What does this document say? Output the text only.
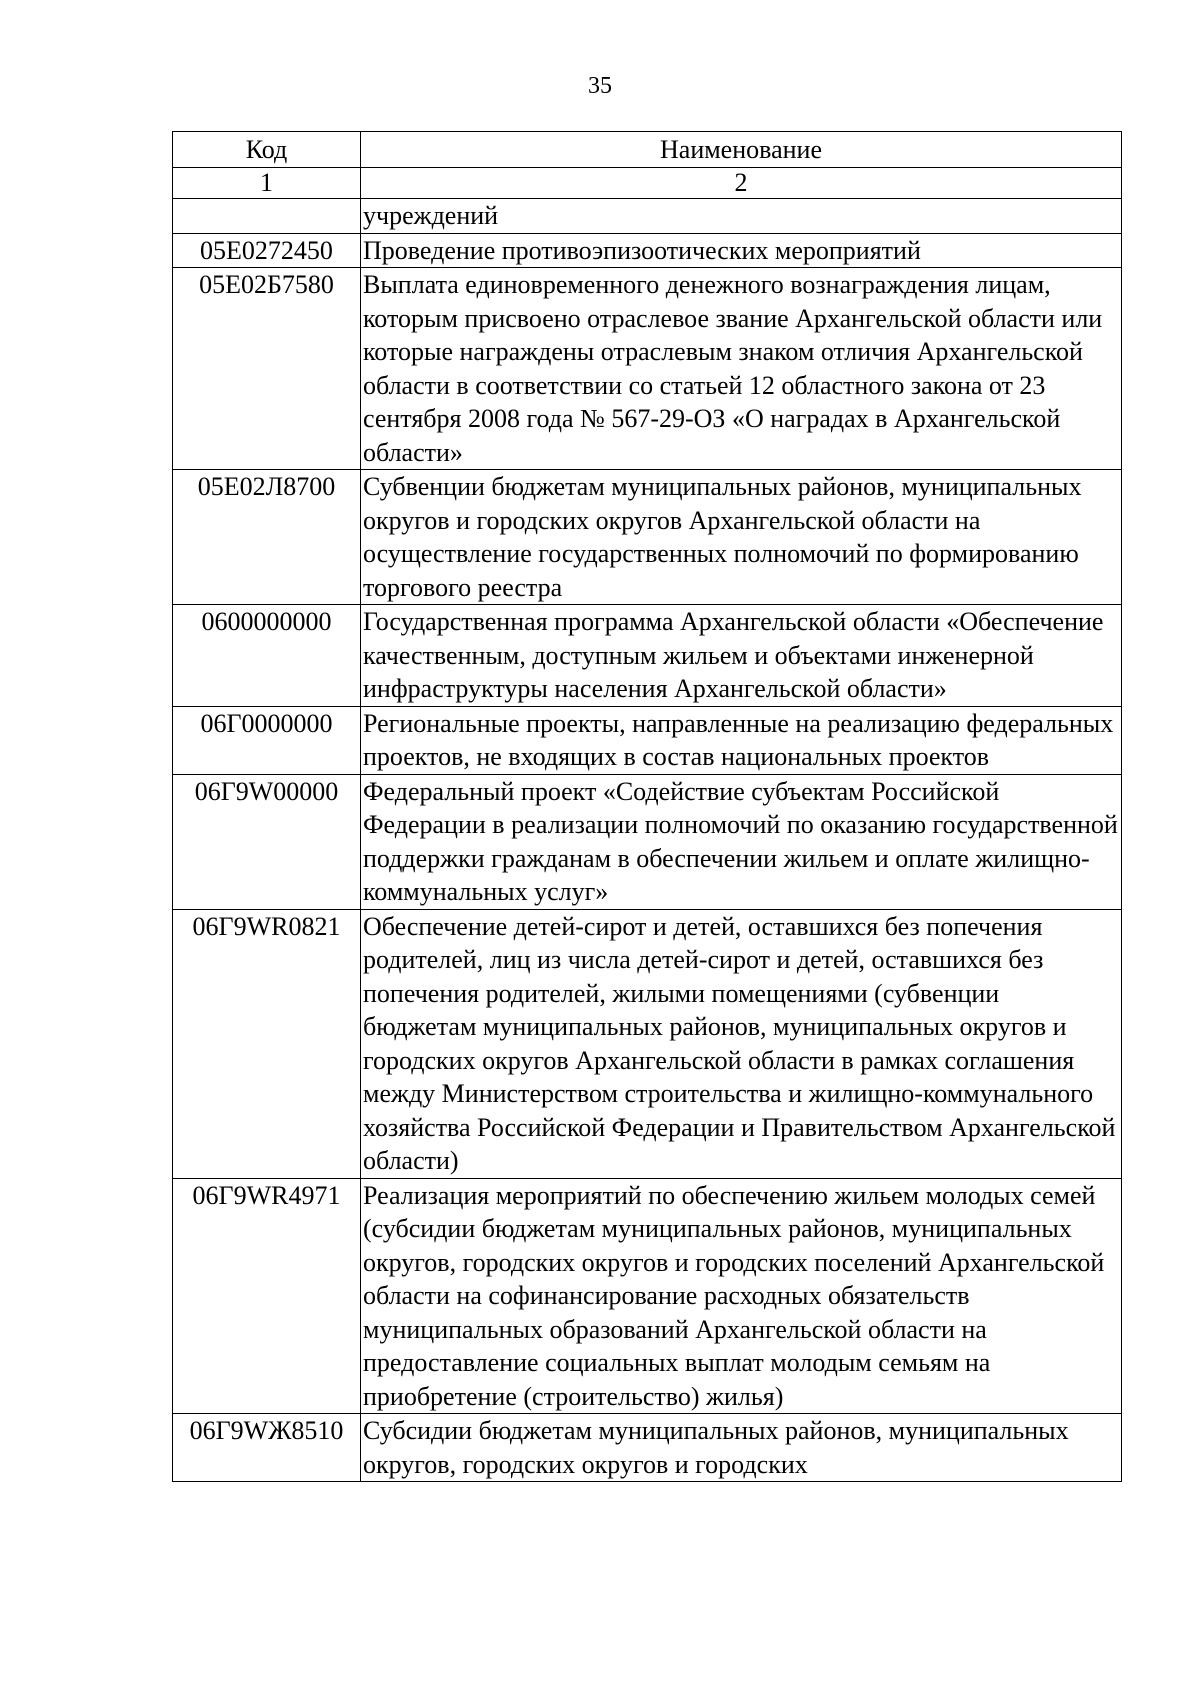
35
Код	Наименование
1	2
	учреждений
05Е0272450	Проведение противоэпизоотических мероприятий
05Е02Б7580	Выплата единовременного денежного вознаграждения лицам, которым присвоено отраслевое звание Архангельской области или которые награждены отраслевым знаком отличия Архангельской области в соответствии со статьей 12 областного закона от 23 сентября 2008 года № 567-29-ОЗ «О наградах в Архангельской области»
05Е02Л8700	Субвенции бюджетам муниципальных районов, муниципальных округов и городских округов Архангельской области на осуществление государственных полномочий по формированию торгового реестра
0600000000	Государственная программа Архангельской области «Обеспечение качественным, доступным жильем и объектами инженерной инфраструктуры населения Архангельской области»
06Г0000000	Региональные проекты, направленные на реализацию федеральных проектов, не входящих в состав национальных проектов
06Г9W00000	Федеральный проект «Содействие субъектам Российской Федерации в реализации полномочий по оказанию государственной поддержки гражданам в обеспечении жильем и оплате жилищно-коммунальных услуг»
06Г9WR0821	Обеспечение детей-сирот и детей, оставшихся без попечения родителей, лиц из числа детей-сирот и детей, оставшихся без попечения родителей, жилыми помещениями (субвенции бюджетам муниципальных районов, муниципальных округов и городских округов Архангельской области в рамках соглашения между Министерством строительства и жилищно-коммунального хозяйства Российской Федерации и Правительством Архангельской области)
06Г9WR4971	Реализация мероприятий по обеспечению жильем молодых семей (субсидии бюджетам муниципальных районов, муниципальных округов, городских округов и городских поселений Архангельской области на софинансирование расходных обязательств муниципальных образований Архангельской области на предоставление социальных выплат молодым семьям на приобретение (строительство) жилья)
06Г9WЖ8510	Субсидии бюджетам муниципальных районов, муниципальных округов, городских округов и городских
